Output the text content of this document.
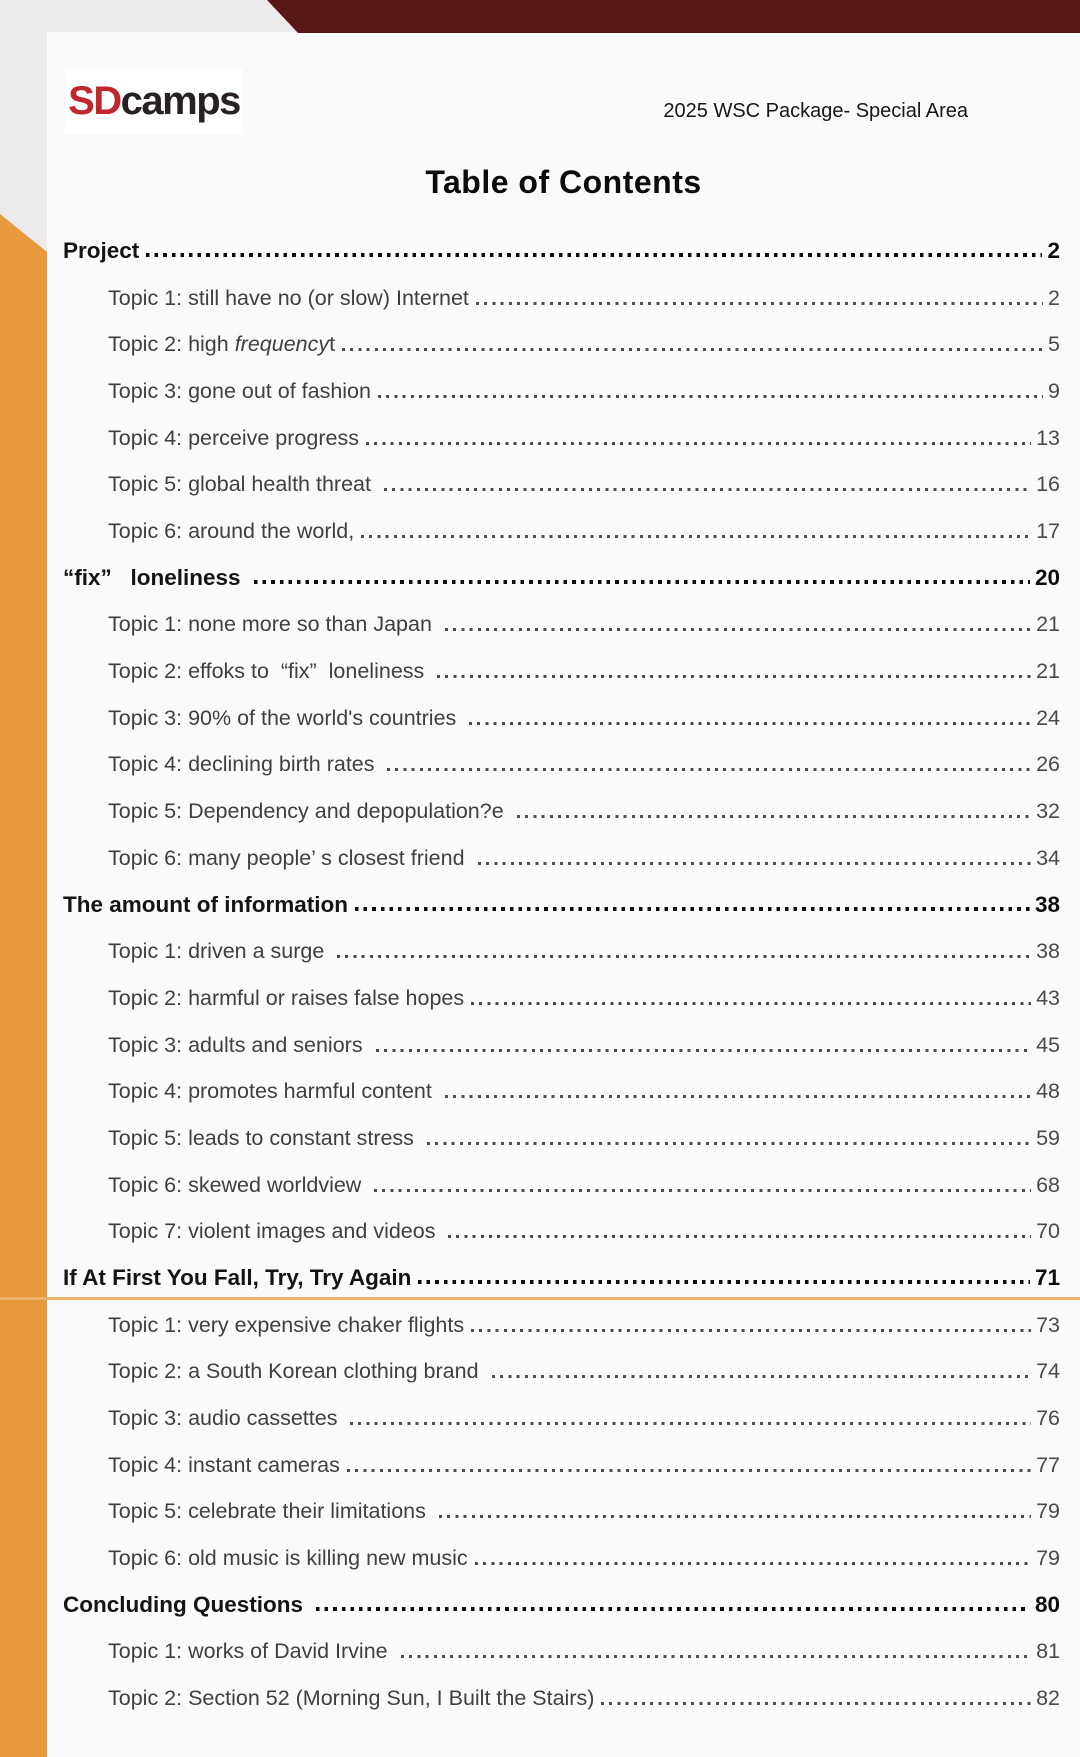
SD camps	2025 WSC Package- Special Area
Table of Contents
Project	2
Topic 1: still have no (or slow) Internet	2
Topic 2: high frequencyt	5
Topic 3: gone out of fashion	9
Topic 4: perceive progress	13
Topic 5: global health threat	16
Topic 6: around the world,	17
“fix”   loneliness	20
Topic 1: none more so than Japan	21
Topic 2: effoks to  “fix”  loneliness	21
Topic 3: 90% of the world's countries	24
Topic 4: declining birth rates	26
Topic 5: Dependency and depopulation?e	32
Topic 6: many people’ s closest friend	34
The amount of information	38
Topic 1: driven a surge	38
Topic 2: harmful or raises false hopes	43
Topic 3: adults and seniors	45
Topic 4: promotes harmful content	48
Topic 5: leads to constant stress	59
Topic 6: skewed worldview	68
Topic 7: violent images and videos	70
If At First You Fall, Try, Try Again	71
Topic 1: very expensive chaker flights	73
Topic 2: a South Korean clothing brand	74
Topic 3: audio cassettes	76
Topic 4: instant cameras	77
Topic 5: celebrate their limitations	79
Topic 6: old music is killing new music	79
Concluding Questions	80
Topic 1: works of David Irvine	81
Topic 2: Section 52 (Morning Sun, I Built the Stairs)	82
